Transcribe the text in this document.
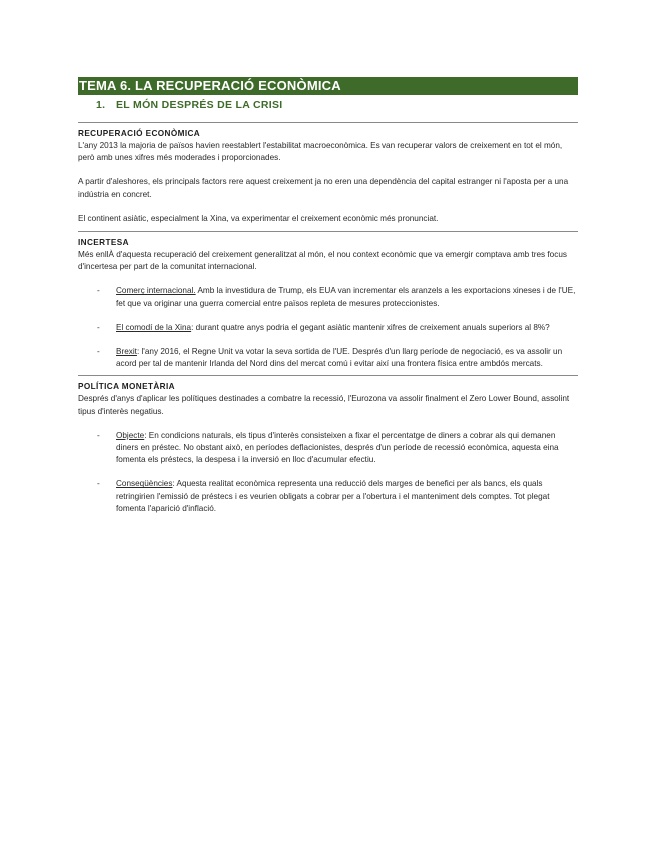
TEMA 6. LA RECUPERACIÓ ECONÒMICA
1. EL MÓN DESPRÉS DE LA CRISI
RECUPERACIÓ ECONÒMICA

L'any 2013 la majoria de països havien reestablert l'estabilitat macroeconòmica. Es van recuperar valors de creixement en tot el món, però amb unes xifres més moderades i proporcionades.

A partir d'aleshores, els principals factors rere aquest creixement ja no eren una dependència del capital estranger ni l'aposta per a una indústria en concret.

El continent asiàtic, especialment la Xina, va experimentar el creixement econòmic més pronunciat.

INCERTESA

Més enllÀ d'aquesta recuperació del creixement generalitzat al món, el nou context econòmic que va emergir comptava amb tres focus d'incertesa per part de la comunitat internacional.

- Comerç internacional. Amb la investidura de Trump, els EUA van incrementar els aranzels a les exportacions xineses i de l'UE, fet que va originar una guerra comercial entre països repleta de mesures proteccionistes.
- El comodí de la Xina: durant quatre anys podria el gegant asiàtic mantenir xifres de creixement anuals superiors al 8%?
- Brexit: l'any 2016, el Regne Unit va votar la seva sortida de l'UE. Després d'un llarg període de negociació, es va assolir un acord per tal de mantenir Irlanda del Nord dins del mercat comú i evitar així una frontera física entre ambdós mercats.
POLÍTICA MONETÀRIA

Després d'anys d'aplicar les polítiques destinades a combatre la recessió, l'Eurozona va assolir finalment el Zero Lower Bound, assolint tipus d'interès negatius.

- Objecte: En condicions naturals, els tipus d'interès consisteixen a fixar el percentatge de diners a cobrar als qui demanen diners en préstec. No obstant això, en períodes deflacionistes, després d'un període de recessió econòmica, aquesta eina fomenta els préstecs, la despesa i la inversió en lloc d'acumular efectiu.
- Conseqüències: Aquesta realitat econòmica representa una reducció dels marges de benefici per als bancs, els quals retringirien l'emissió de préstecs i es veurien obligats a cobrar per a l'obertura i el manteniment dels comptes. Tot plegat fomenta l'aparició d'inflació.
